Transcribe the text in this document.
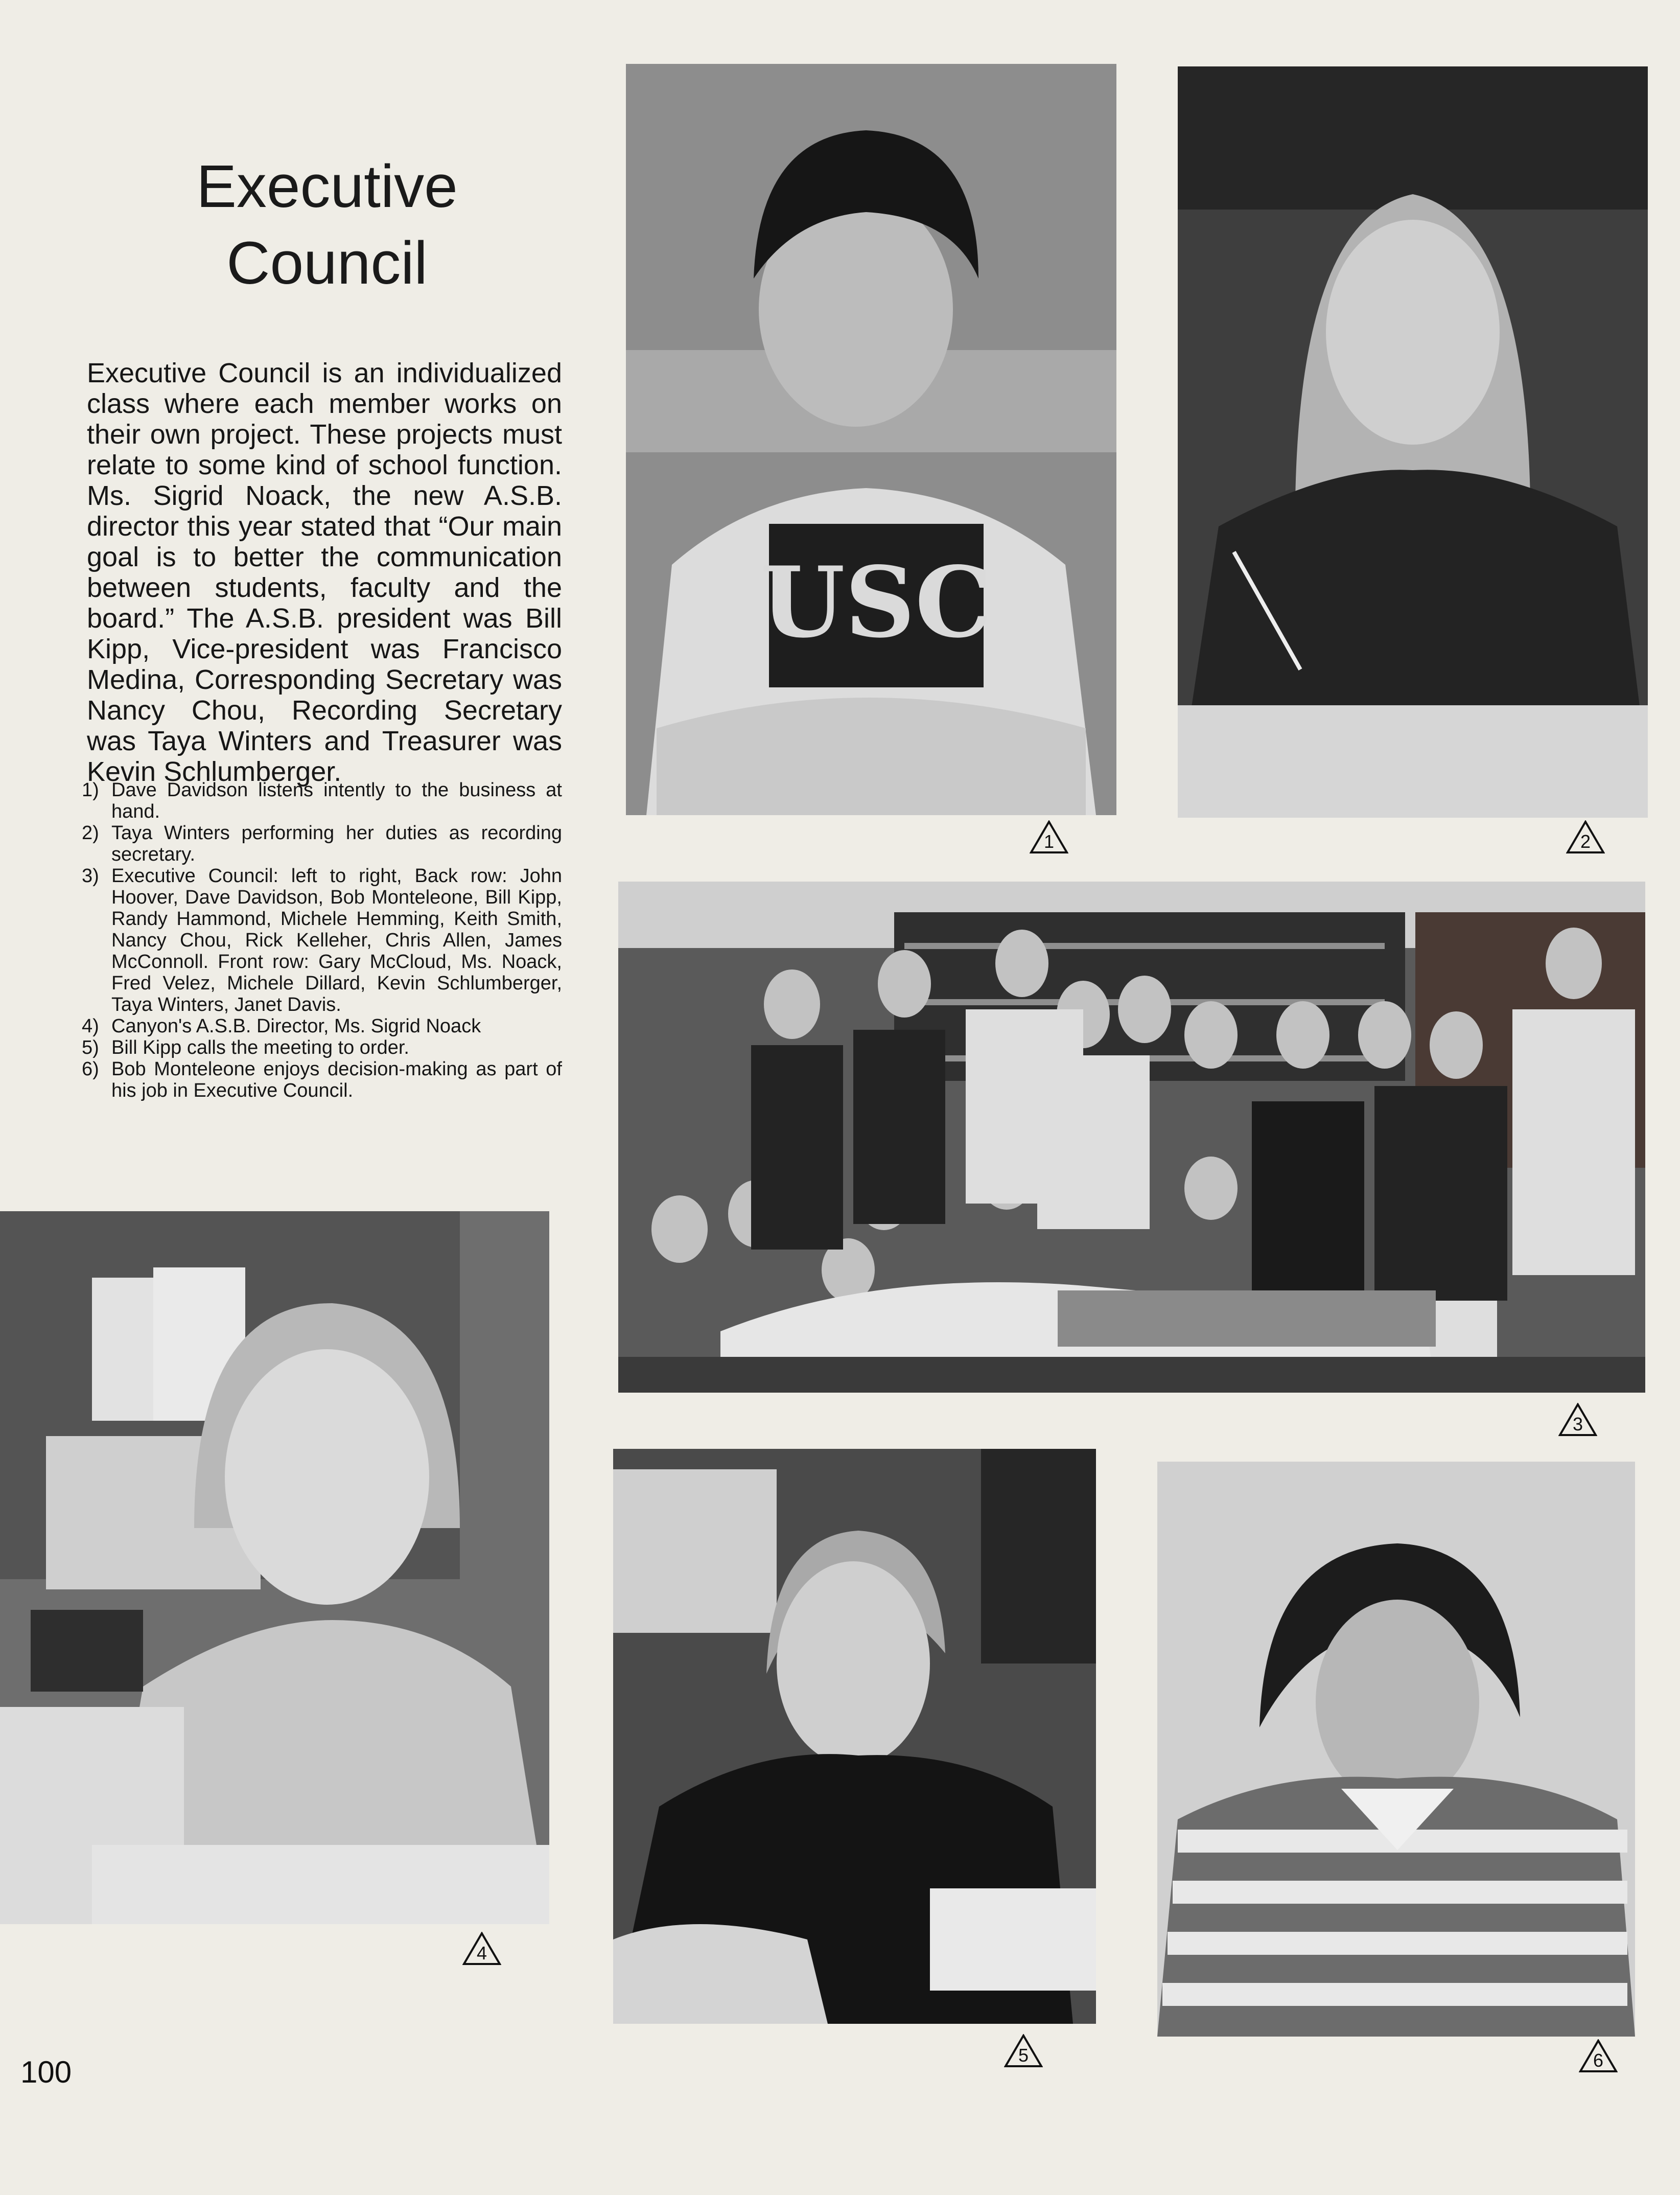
Executive
Council
Executive Council is an individualized class where each member works on their own project. These projects must relate to some kind of school function. Ms. Sigrid Noack, the new A.S.B. director this year stated that “Our main goal is to better the communication between students, faculty and the board.” The A.S.B. president was Bill Kipp, Vice-president was Francisco Medina, Corresponding Secretary was Nancy Chou, Recording Secretary was Taya Winters and Treasurer was Kevin Schlumberger.
1) Dave Davidson listens intently to the business at hand.
2) Taya Winters performing her duties as recording secretary.
3) Executive Council: left to right, Back row: John Hoover, Dave Davidson, Bob Monteleone, Bill Kipp, Randy Hammond, Michele Hemming, Keith Smith, Nancy Chou, Rick Kelleher, Chris Allen, James McConnoll. Front row: Gary McCloud, Ms. Noack, Fred Velez, Michele Dillard, Kevin Schlumberger, Taya Winters, Janet Davis.
4) Canyon's A.S.B. Director, Ms. Sigrid Noack
5) Bill Kipp calls the meeting to order.
6) Bob Monteleone enjoys decision-making as part of his job in Executive Council.
USC
1	2
3
4
5	6
100
